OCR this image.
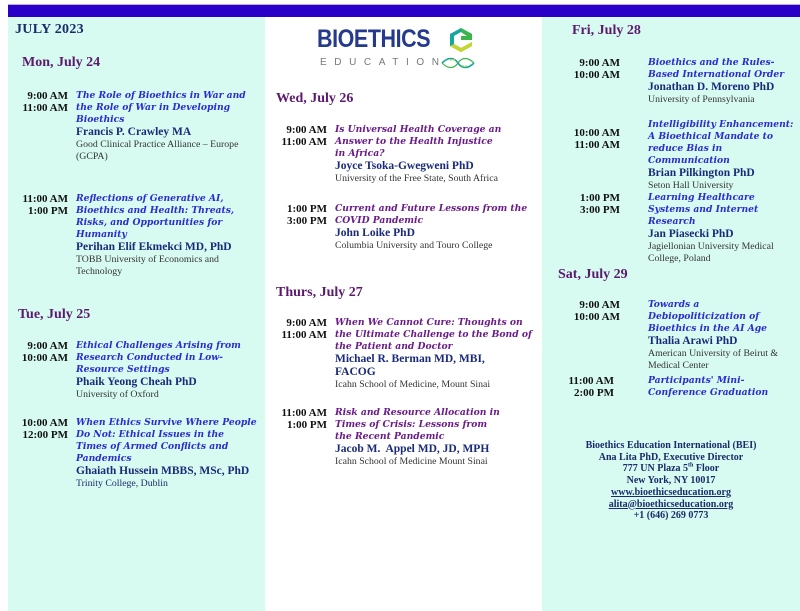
JULY 2023
Mon, July 24
9:00 AM
11:00 AM
The Role of Bioethics in War and the Role of War in Developing Bioethics
Francis P. Crawley MA
Good Clinical Practice Alliance – Europe (GCPA)
11:00 AM
1:00 PM
Reflections of Generative AI, Bioethics and Health: Threats, Risks, and Opportunities for Humanity
Perihan Elif Ekmekci MD, PhD
TOBB University of Economics and Technology
Tue, July 25
9:00 AM
10:00 AM
Ethical Challenges Arising from Research Conducted in Low-Resource Settings
Phaik Yeong Cheah PhD
University of Oxford
10:00 AM
12:00 PM
When Ethics Survive Where People Do Not: Ethical Issues in the Times of Armed Conflicts and Pandemics
Ghaiath Hussein MBBS, MSc, PhD
Trinity College, Dublin
BIOETHICS
EDUCATION
Wed, July 26
9:00 AM
11:00 AM
Is Universal Health Coverage an Answer to the Health Injustice in Africa?
Joyce Tsoka-Gwegweni PhD
University of the Free State, South Africa
1:00 PM
3:00 PM
Current and Future Lessons from the COVID Pandemic
John Loike PhD
Columbia University and Touro College
Thurs, July 27
9:00 AM
11:00 AM
When We Cannot Cure: Thoughts on the Ultimate Challenge to the Bond of the Patient and Doctor
Michael R. Berman MD, MBI, FACOG
Icahn School of Medicine, Mount Sinai
11:00 AM
1:00 PM
Risk and Resource Allocation in Times of Crisis: Lessons from the Recent Pandemic
Jacob M.  Appel MD, JD, MPH
Icahn School of Medicine Mount Sinai
Fri, July 28
9:00 AM
10:00 AM
Bioethics and the Rules-Based International Order
Jonathan D. Moreno PhD
University of Pennsylvania
10:00 AM
11:00 AM
Intelligibility Enhancement: A Bioethical Mandate to reduce Bias in Communication
Brian Pilkington PhD
Seton Hall University
1:00 PM
3:00 PM
Learning Healthcare Systems and Internet Research
Jan Piasecki PhD
Jagiellonian University Medical College, Poland
Sat, July 29
9:00 AM
10:00 AM
Towards a Debiopoliticization of Bioethics in the AI Age
Thalia Arawi PhD
American University of Beirut & Medical Center
11:00 AM
2:00 PM
Participants' Mini-Conference Graduation
Bioethics Education International (BEI)
Ana Lita PhD, Executive Director
777 UN Plaza 5th Floor
New York, NY 10017
www.bioethicseducation.org
alita@bioethicseducation.org
+1 (646) 269 0773
